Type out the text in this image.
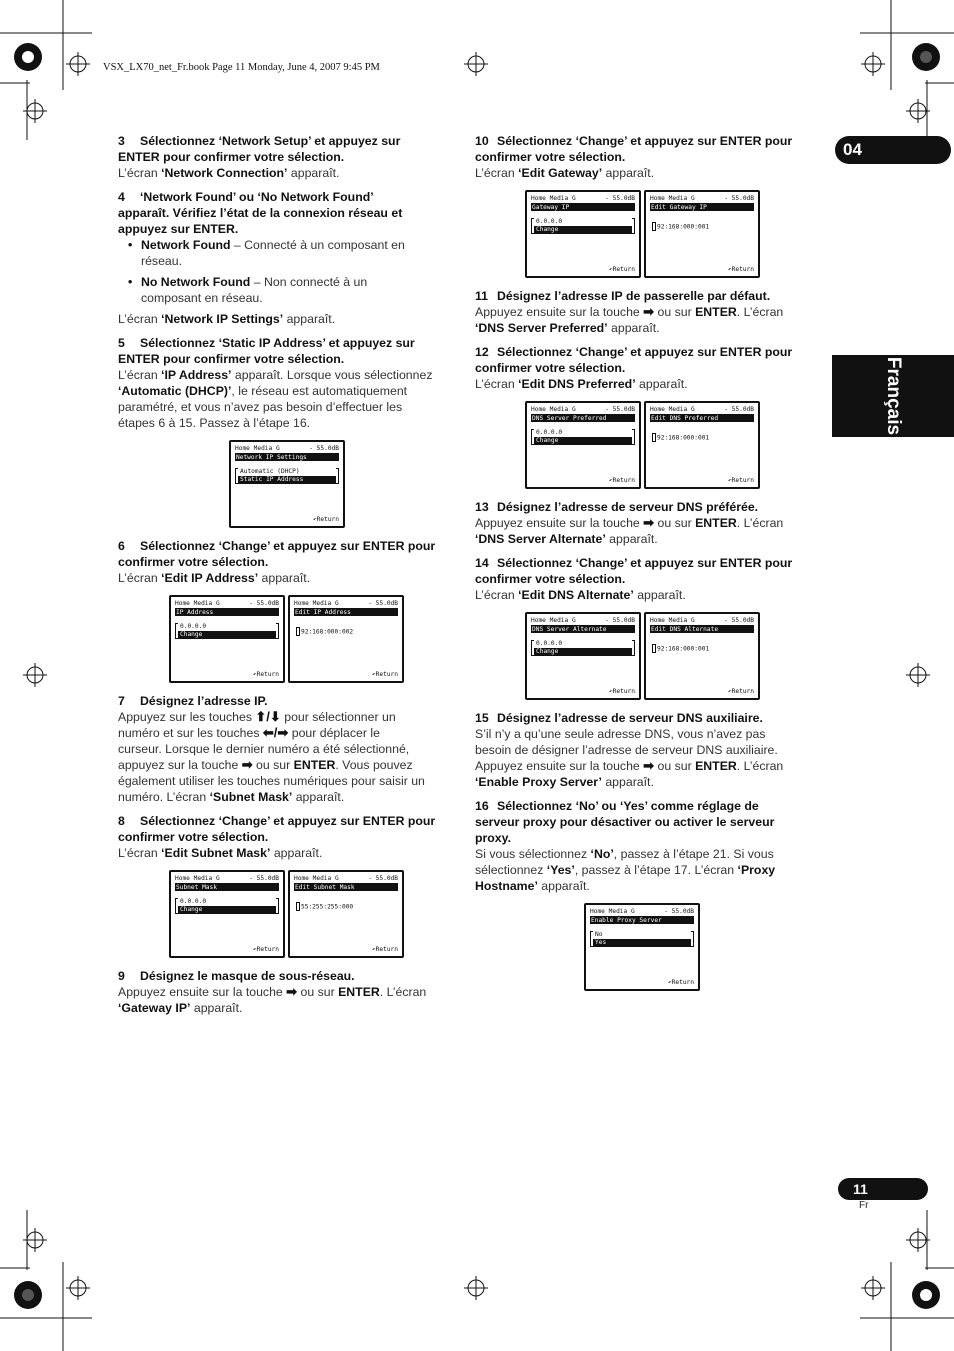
VSX_LX70_net_Fr.book Page 11 Monday, June 4, 2007 9:45 PM
04
Français
11
Fr
3 Sélectionnez ‘Network Setup’ et appuyez sur
ENTER pour confirmer votre sélection.
L’écran ‘Network Connection’ apparaît.
4 ‘Network Found’ ou ‘No Network Found’
apparaît. Vérifiez l’état de la connexion réseau et
appuyez sur ENTER.
• Network Found – Connecté à un composant en
réseau.
• No Network Found – Non connecté à un
composant en réseau.
L’écran ‘Network IP Settings’ apparaît.
5 Sélectionnez ‘Static IP Address’ et appuyez sur
ENTER pour confirmer votre sélection.
L’écran ‘IP Address’ apparaît. Lorsque vous sélectionnez
‘Automatic (DHCP)’, le réseau est automatiquement
paramétré, et vous n’avez pas besoin d’effectuer les
étapes 6 à 15. Passez à l’étape 16.
Home Media G	- 55.0dB
Network IP Settings
Automatic (DHCP)
Static IP Address
↶Return
6 Sélectionnez ‘Change’ et appuyez sur ENTER pour
confirmer votre sélection.
L’écran ‘Edit IP Address’ apparaît.
Home Media G	- 55.0dB
IP Address
0.0.0.0
Change
↶Return
Home Media G	- 55.0dB
Edit IP Address
92:168:000:002
↶Return
7 Désignez l’adresse IP.
Appuyez sur les touches ⬆/⬇ pour sélectionner un
numéro et sur les touches ⬅/➡ pour déplacer le
curseur. Lorsque le dernier numéro a été sélectionné,
appuyez sur la touche ➡ ou sur ENTER. Vous pouvez
également utiliser les touches numériques pour saisir un
numéro. L’écran ‘Subnet Mask’ apparaît.
8 Sélectionnez ‘Change’ et appuyez sur ENTER pour
confirmer votre sélection.
L’écran ‘Edit Subnet Mask’ apparaît.
Home Media G	- 55.0dB
Subnet Mask
0.0.0.0
Change
↶Return
Home Media G	- 55.0dB
Edit Subnet Mask
55:255:255:000
↶Return
9 Désignez le masque de sous-réseau.
Appuyez ensuite sur la touche ➡ ou sur ENTER. L’écran
‘Gateway IP’ apparaît.
10 Sélectionnez ‘Change’ et appuyez sur ENTER pour
confirmer votre sélection.
L’écran ‘Edit Gateway’ apparaît.
Home Media G	- 55.0dB
Gateway IP
0.0.0.0
Change
↶Return
Home Media G	- 55.0dB
Edit Gateway IP
92:168:000:001
↶Return
11 Désignez l’adresse IP de passerelle par défaut.
Appuyez ensuite sur la touche ➡ ou sur ENTER. L’écran
‘DNS Server Preferred’ apparaît.
12 Sélectionnez ‘Change’ et appuyez sur ENTER pour
confirmer votre sélection.
L’écran ‘Edit DNS Preferred’ apparaît.
Home Media G	- 55.0dB
DNS Server Preferred
0.0.0.0
Change
↶Return
Home Media G	- 55.0dB
Edit DNS Preferred
92:168:000:001
↶Return
13 Désignez l’adresse de serveur DNS préférée.
Appuyez ensuite sur la touche ➡ ou sur ENTER. L’écran
‘DNS Server Alternate’ apparaît.
14 Sélectionnez ‘Change’ et appuyez sur ENTER pour
confirmer votre sélection.
L’écran ‘Edit DNS Alternate’ apparaît.
Home Media G	- 55.0dB
DNS Server Alternate
0.0.0.0
Change
↶Return
Home Media G	- 55.0dB
Edit DNS Alternate
92:168:000:001
↶Return
15 Désignez l’adresse de serveur DNS auxiliaire.
S’il n’y a qu’une seule adresse DNS, vous n’avez pas
besoin de désigner l’adresse de serveur DNS auxiliaire.
Appuyez ensuite sur la touche ➡ ou sur ENTER. L’écran
‘Enable Proxy Server’ apparaît.
16 Sélectionnez ‘No’ ou ‘Yes’ comme réglage de
serveur proxy pour désactiver ou activer le serveur
proxy.
Si vous sélectionnez ‘No’, passez à l’étape 21. Si vous
sélectionnez ‘Yes’, passez à l’étape 17. L’écran ‘Proxy
Hostname’ apparaît.
Home Media G	- 55.0dB
Enable Proxy Server
No
Yes
↶Return
